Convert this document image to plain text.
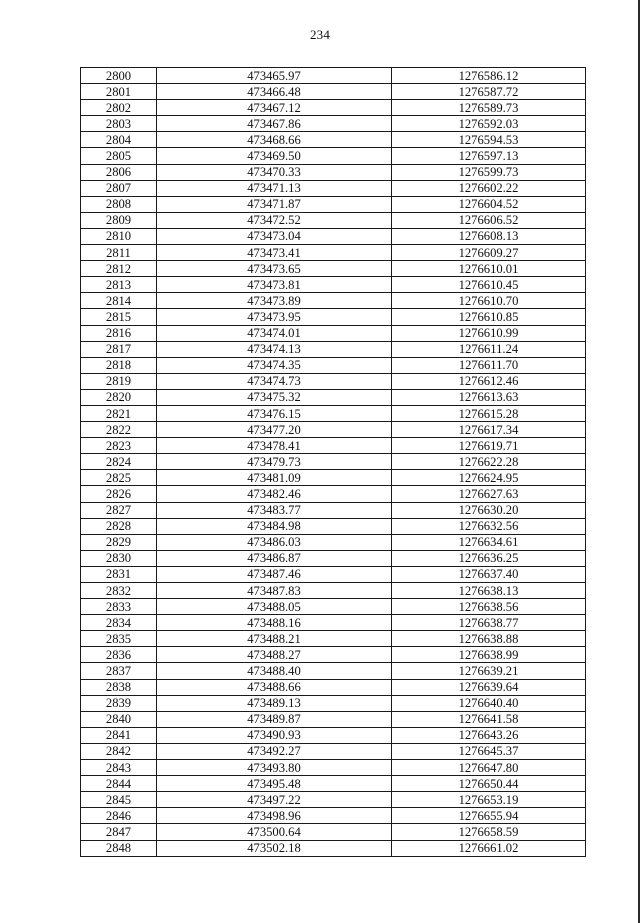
234
2800	473465.97	1276586.12
2801	473466.48	1276587.72
2802	473467.12	1276589.73
2803	473467.86	1276592.03
2804	473468.66	1276594.53
2805	473469.50	1276597.13
2806	473470.33	1276599.73
2807	473471.13	1276602.22
2808	473471.87	1276604.52
2809	473472.52	1276606.52
2810	473473.04	1276608.13
2811	473473.41	1276609.27
2812	473473.65	1276610.01
2813	473473.81	1276610.45
2814	473473.89	1276610.70
2815	473473.95	1276610.85
2816	473474.01	1276610.99
2817	473474.13	1276611.24
2818	473474.35	1276611.70
2819	473474.73	1276612.46
2820	473475.32	1276613.63
2821	473476.15	1276615.28
2822	473477.20	1276617.34
2823	473478.41	1276619.71
2824	473479.73	1276622.28
2825	473481.09	1276624.95
2826	473482.46	1276627.63
2827	473483.77	1276630.20
2828	473484.98	1276632.56
2829	473486.03	1276634.61
2830	473486.87	1276636.25
2831	473487.46	1276637.40
2832	473487.83	1276638.13
2833	473488.05	1276638.56
2834	473488.16	1276638.77
2835	473488.21	1276638.88
2836	473488.27	1276638.99
2837	473488.40	1276639.21
2838	473488.66	1276639.64
2839	473489.13	1276640.40
2840	473489.87	1276641.58
2841	473490.93	1276643.26
2842	473492.27	1276645.37
2843	473493.80	1276647.80
2844	473495.48	1276650.44
2845	473497.22	1276653.19
2846	473498.96	1276655.94
2847	473500.64	1276658.59
2848	473502.18	1276661.02
